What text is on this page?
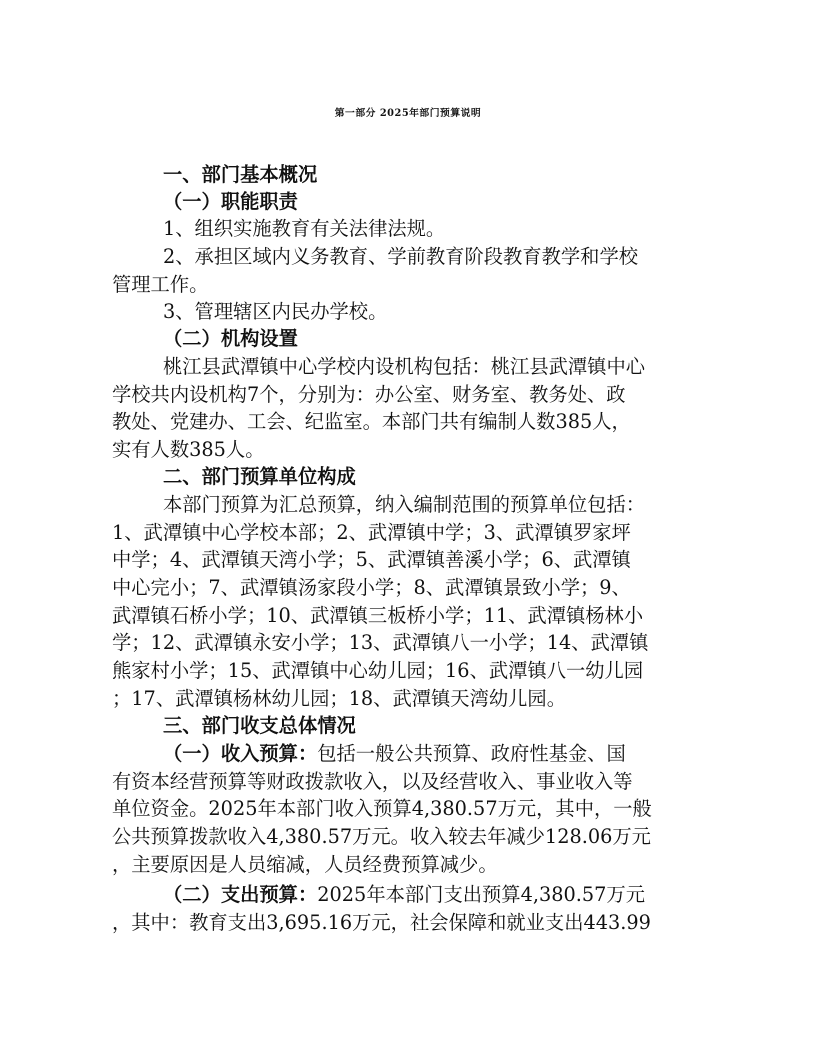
第一部分 2025年部门预算说明
一、部门基本概况
（一）职能职责
1、组织实施教育有关法律法规。
2、承担区域内义务教育、学前教育阶段教育教学和学校
管理工作。
3、管理辖区内民办学校。
（二）机构设置
桃江县武潭镇中心学校内设机构包括：桃江县武潭镇中心
学校共内设机构7个，分别为：办公室、财务室、教务处、政
教处、党建办、工会、纪监室。本部门共有编制人数385人，
实有人数385人。
二、部门预算单位构成
本部门预算为汇总预算，纳入编制范围的预算单位包括：
1、武潭镇中心学校本部；2、武潭镇中学；3、武潭镇罗家坪
中学；4、武潭镇天湾小学；5、武潭镇善溪小学；6、武潭镇
中心完小；7、武潭镇汤家段小学；8、武潭镇景致小学；9、
武潭镇石桥小学；10、武潭镇三板桥小学；11、武潭镇杨林小
学；12、武潭镇永安小学；13、武潭镇八一小学；14、武潭镇
熊家村小学；15、武潭镇中心幼儿园；16、武潭镇八一幼儿园
；17、武潭镇杨林幼儿园；18、武潭镇天湾幼儿园。
三、部门收支总体情况
（一）收入预算：包括一般公共预算、政府性基金、国
有资本经营预算等财政拨款收入，以及经营收入、事业收入等
单位资金。2025年本部门收入预算4,380.57万元，其中，一般
公共预算拨款收入4,380.57万元。收入较去年减少128.06万元
，主要原因是人员缩减，人员经费预算减少。
（二）支出预算：2025年本部门支出预算4,380.57万元
，其中：教育支出3,695.16万元，社会保障和就业支出443.99
